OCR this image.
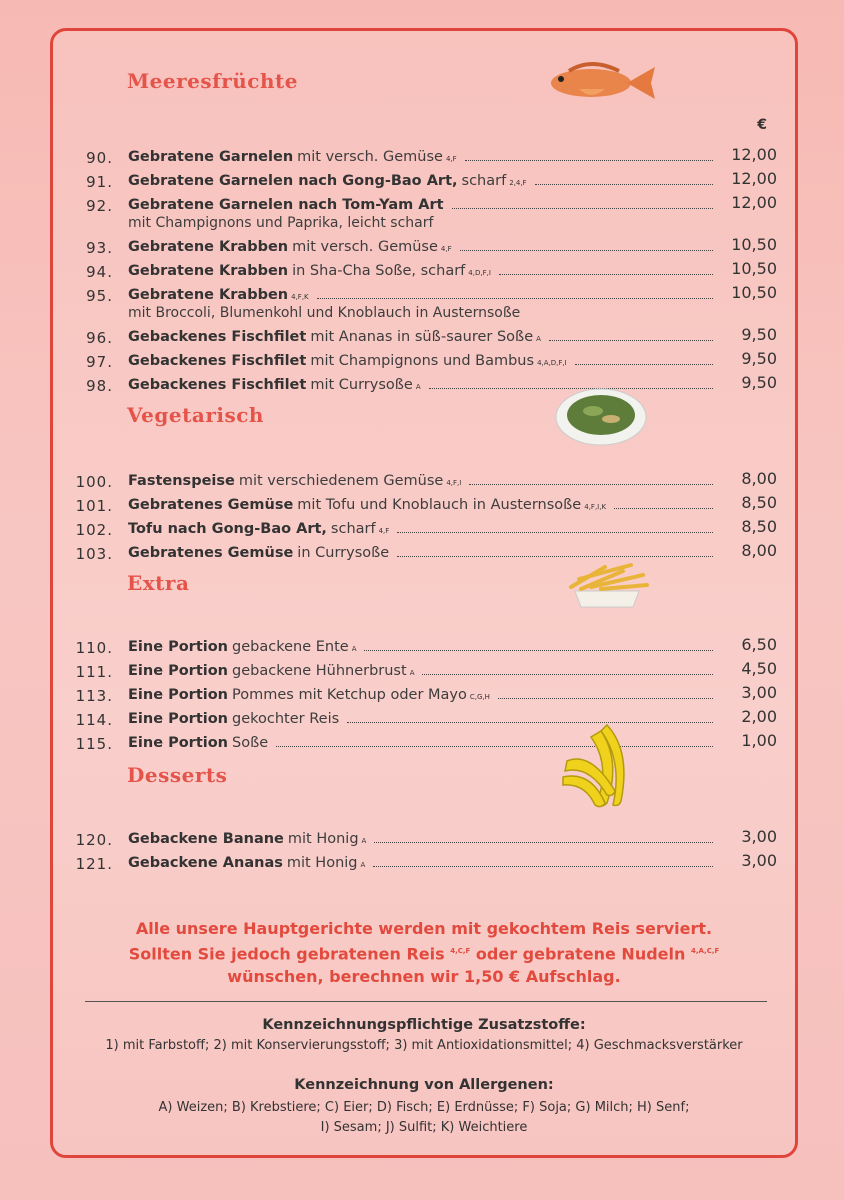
Meeresfrüchte
€
90. Gebratene Garnelen mit versch. Gemüse 4,F	12,00
91. Gebratene Garnelen nach Gong-Bao Art, scharf 2,4,F	12,00
92. Gebratene Garnelen nach Tom-Yam Art	12,00
mit Champignons und Paprika, leicht scharf
93. Gebratene Krabben mit versch. Gemüse 4,F	10,50
94. Gebratene Krabben in Sha-Cha Soße, scharf 4,D,F,I	10,50
95. Gebratene Krabben 4,F,K	10,50
mit Broccoli, Blumenkohl und Knoblauch in Austernsoße
96. Gebackenes Fischfilet mit Ananas in süß-saurer Soße A	9,50
97. Gebackenes Fischfilet mit Champignons und Bambus 4,A,D,F,I	9,50
98. Gebackenes Fischfilet mit Currysoße A	9,50
Vegetarisch
100. Fastenspeise mit verschiedenem Gemüse 4,F,I	8,00
101. Gebratenes Gemüse mit Tofu und Knoblauch in Austernsoße 4,F,I,K	8,50
102. Tofu nach Gong-Bao Art, scharf 4,F	8,50
103. Gebratenes Gemüse in Currysoße	8,00
Extra
110. Eine Portion gebackene Ente A	6,50
111. Eine Portion gebackene Hühnerbrust A	4,50
113. Eine Portion Pommes mit Ketchup oder Mayo C,G,H	3,00
114. Eine Portion gekochter Reis	2,00
115. Eine Portion Soße	1,00
Desserts
120. Gebackene Banane mit Honig A	3,00
121. Gebackene Ananas mit Honig A	3,00
Alle unsere Hauptgerichte werden mit gekochtem Reis serviert.
Sollten Sie jedoch gebratenen Reis $^{4,C,F}$ oder gebratene Nudeln $^{4,A,C,F}$
wünschen, berechnen wir 1,50 € Aufschlag.
Kennzeichnungspflichtige Zusatzstoffe:
1) mit Farbstoff; 2) mit Konservierungsstoff; 3) mit Antioxidationsmittel; 4) Geschmacksverstärker
Kennzeichnung von Allergenen:
A) Weizen; B) Krebstiere; C) Eier; D) Fisch; E) Erdnüsse; F) Soja; G) Milch; H) Senf;
I) Sesam; J) Sulfit; K) Weichtiere
